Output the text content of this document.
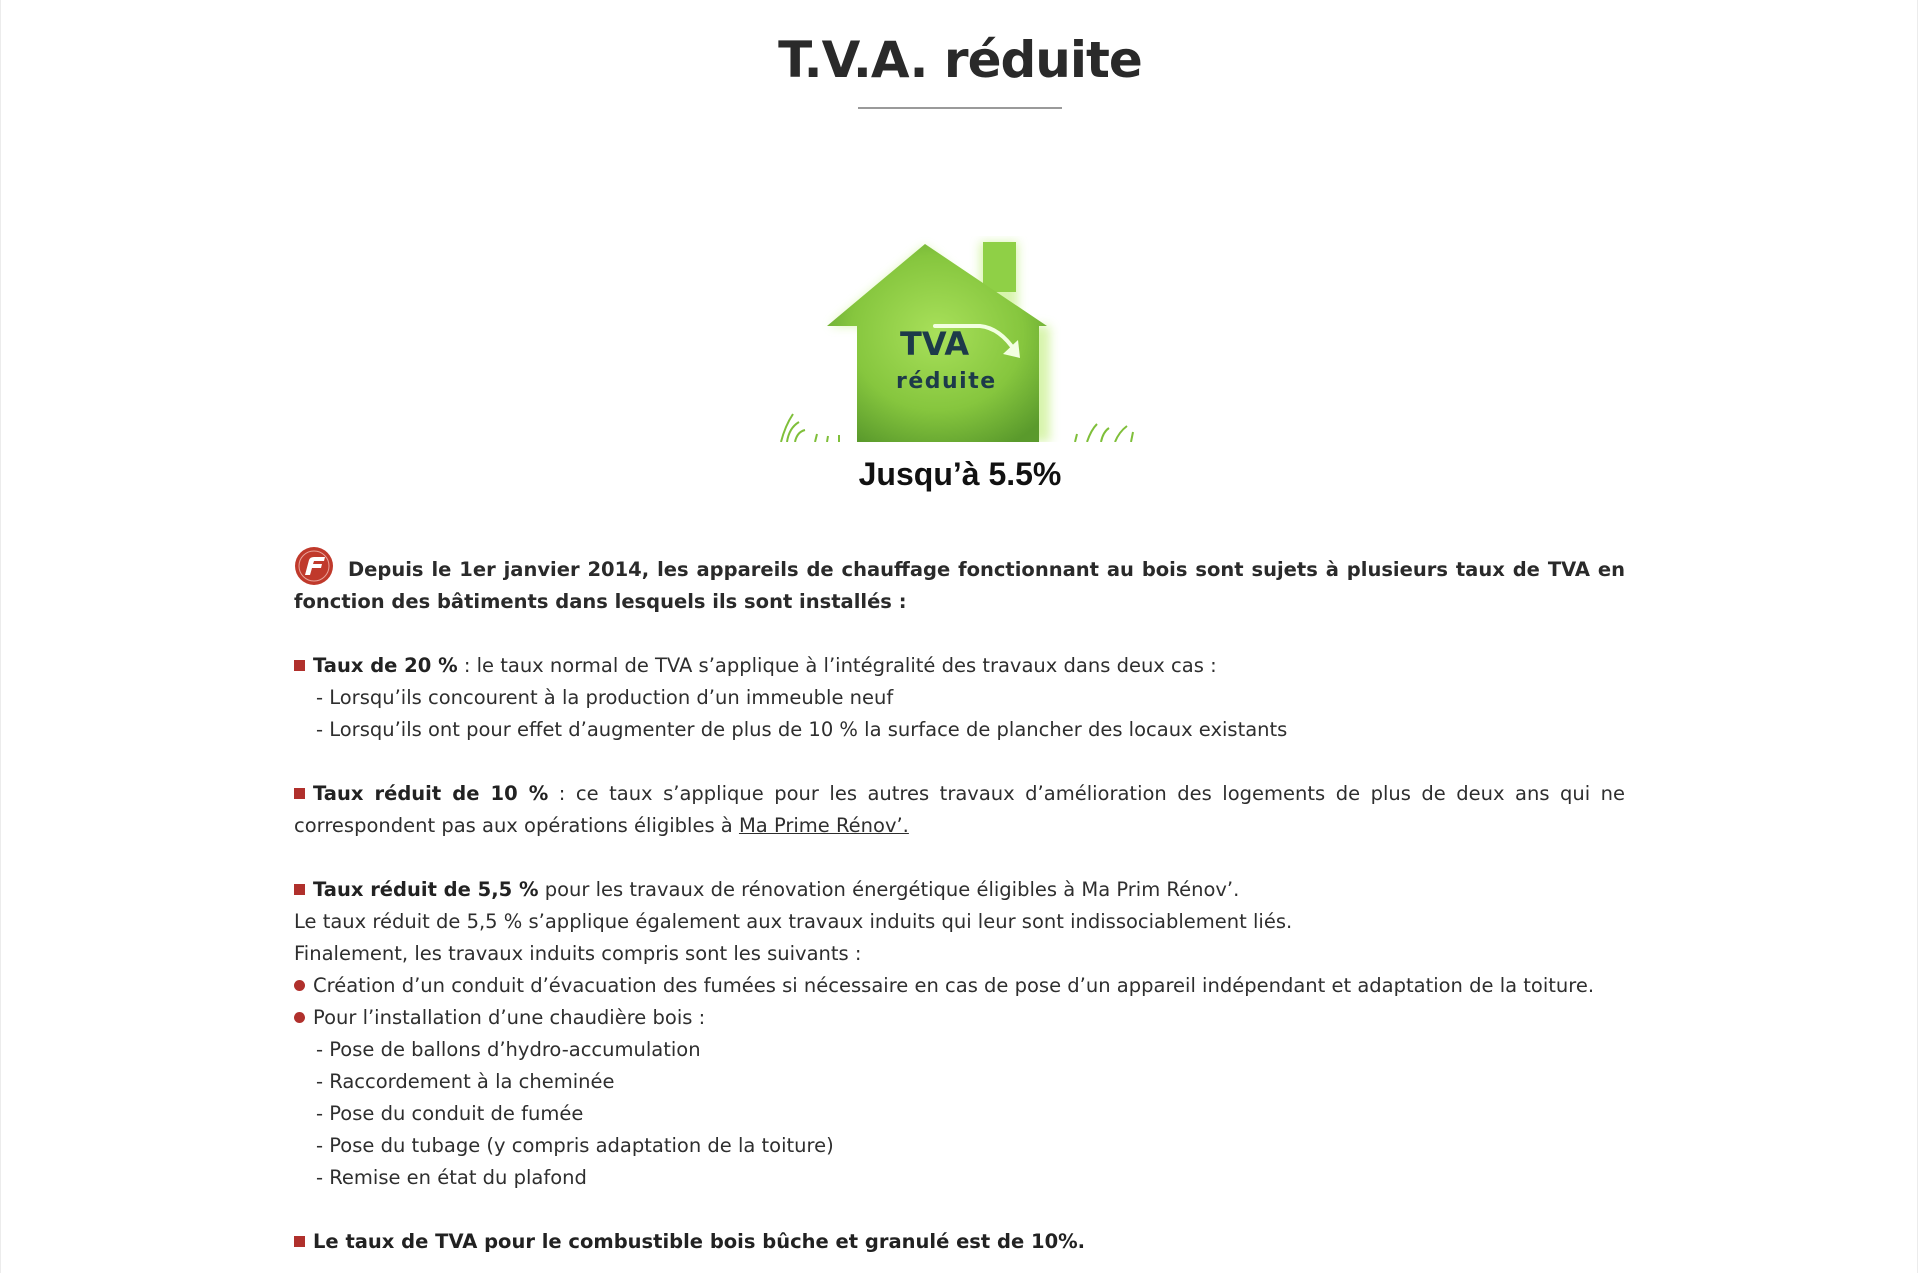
T.V.A. réduite
TVA
réduite
Jusqu’à 5.5%

Depuis le 1er janvier 2014, les appareils de chauffage fonctionnant au bois sont sujets à plusieurs taux de TVA en fonction des bâtiments dans lesquels ils sont installés :

Taux de 20 % : le taux normal de TVA s’applique à l’intégralité des travaux dans deux cas :

- Lorsqu’ils concourent à la production d’un immeuble neuf

- Lorsqu’ils ont pour effet d’augmenter de plus de 10 % la surface de plancher des locaux existants

Taux réduit de 10 % : ce taux s’applique pour les autres travaux d’amélioration des logements de plus de deux ans qui ne correspondent pas aux opérations éligibles à Ma Prime Rénov’.

Taux réduit de 5,5 % pour les travaux de rénovation énergétique éligibles à Ma Prim Rénov’.

Le taux réduit de 5,5 % s’applique également aux travaux induits qui leur sont indissociablement liés.

Finalement, les travaux induits compris sont les suivants :

Création d’un conduit d’évacuation des fumées si nécessaire en cas de pose d’un appareil indépendant et adaptation de la toiture.

Pour l’installation d’une chaudière bois :

- Pose de ballons d’hydro-accumulation

- Raccordement à la cheminée

- Pose du conduit de fumée

- Pose du tubage (y compris adaptation de la toiture)

- Remise en état du plafond

Le taux de TVA pour le combustible bois bûche et granulé est de 10%.
